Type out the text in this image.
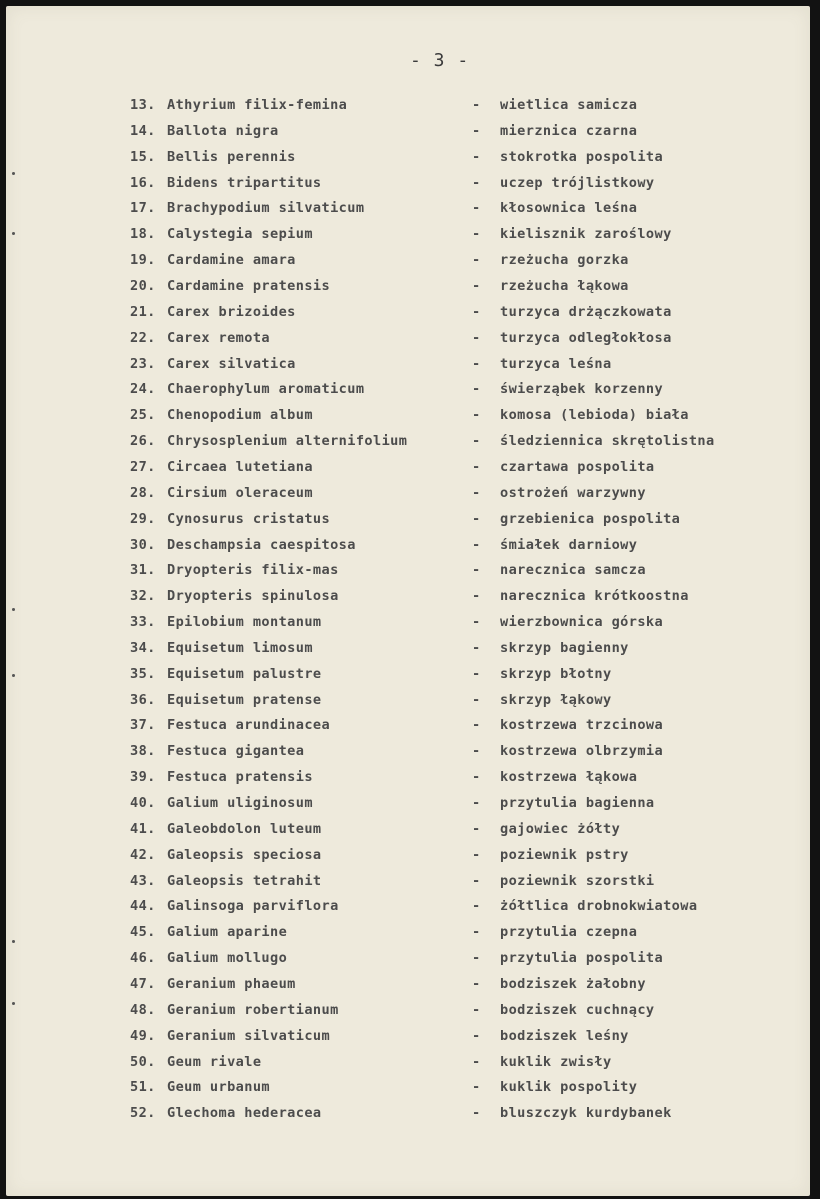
- 3 -
13. Athyrium filix-femina	- wietlica samicza
14. Ballota nigra	- mierznica czarna
15. Bellis perennis	- stokrotka pospolita
16. Bidens tripartitus	- uczep trójlistkowy
17. Brachypodium silvaticum	- kłosownica leśna
18. Calystegia sepium	- kielisznik zaroślowy
19. Cardamine amara	- rzeżucha gorzka
20. Cardamine pratensis	- rzeżucha łąkowa
21. Carex brizoides	- turzyca drżączkowata
22. Carex remota	- turzyca odległokłosa
23. Carex silvatica	- turzyca leśna
24. Chaerophylum aromaticum	- świerząbek korzenny
25. Chenopodium album	- komosa (lebioda) biała
26. Chrysosplenium alternifolium	- śledziennica skrętolistna
27. Circaea lutetiana	- czartawa pospolita
28. Cirsium oleraceum	- ostrożeń warzywny
29. Cynosurus cristatus	- grzebienica pospolita
30. Deschampsia caespitosa	- śmiałek darniowy
31. Dryopteris filix-mas	- narecznica samcza
32. Dryopteris spinulosa	- narecznica krótkoostna
33. Epilobium montanum	- wierzbownica górska
34. Equisetum limosum	- skrzyp bagienny
35. Equisetum palustre	- skrzyp błotny
36. Equisetum pratense	- skrzyp łąkowy
37. Festuca arundinacea	- kostrzewa trzcinowa
38. Festuca gigantea	- kostrzewa olbrzymia
39. Festuca pratensis	- kostrzewa łąkowa
40. Galium uliginosum	- przytulia bagienna
41. Galeobdolon luteum	- gajowiec żółty
42. Galeopsis speciosa	- poziewnik pstry
43. Galeopsis tetrahit	- poziewnik szorstki
44. Galinsoga parviflora	- żółtlica drobnokwiatowa
45. Galium aparine	- przytulia czepna
46. Galium mollugo	- przytulia pospolita
47. Geranium phaeum	- bodziszek żałobny
48. Geranium robertianum	- bodziszek cuchnący
49. Geranium silvaticum	- bodziszek leśny
50. Geum rivale	- kuklik zwisły
51. Geum urbanum	- kuklik pospolity
52. Glechoma hederacea	- bluszczyk kurdybanek
